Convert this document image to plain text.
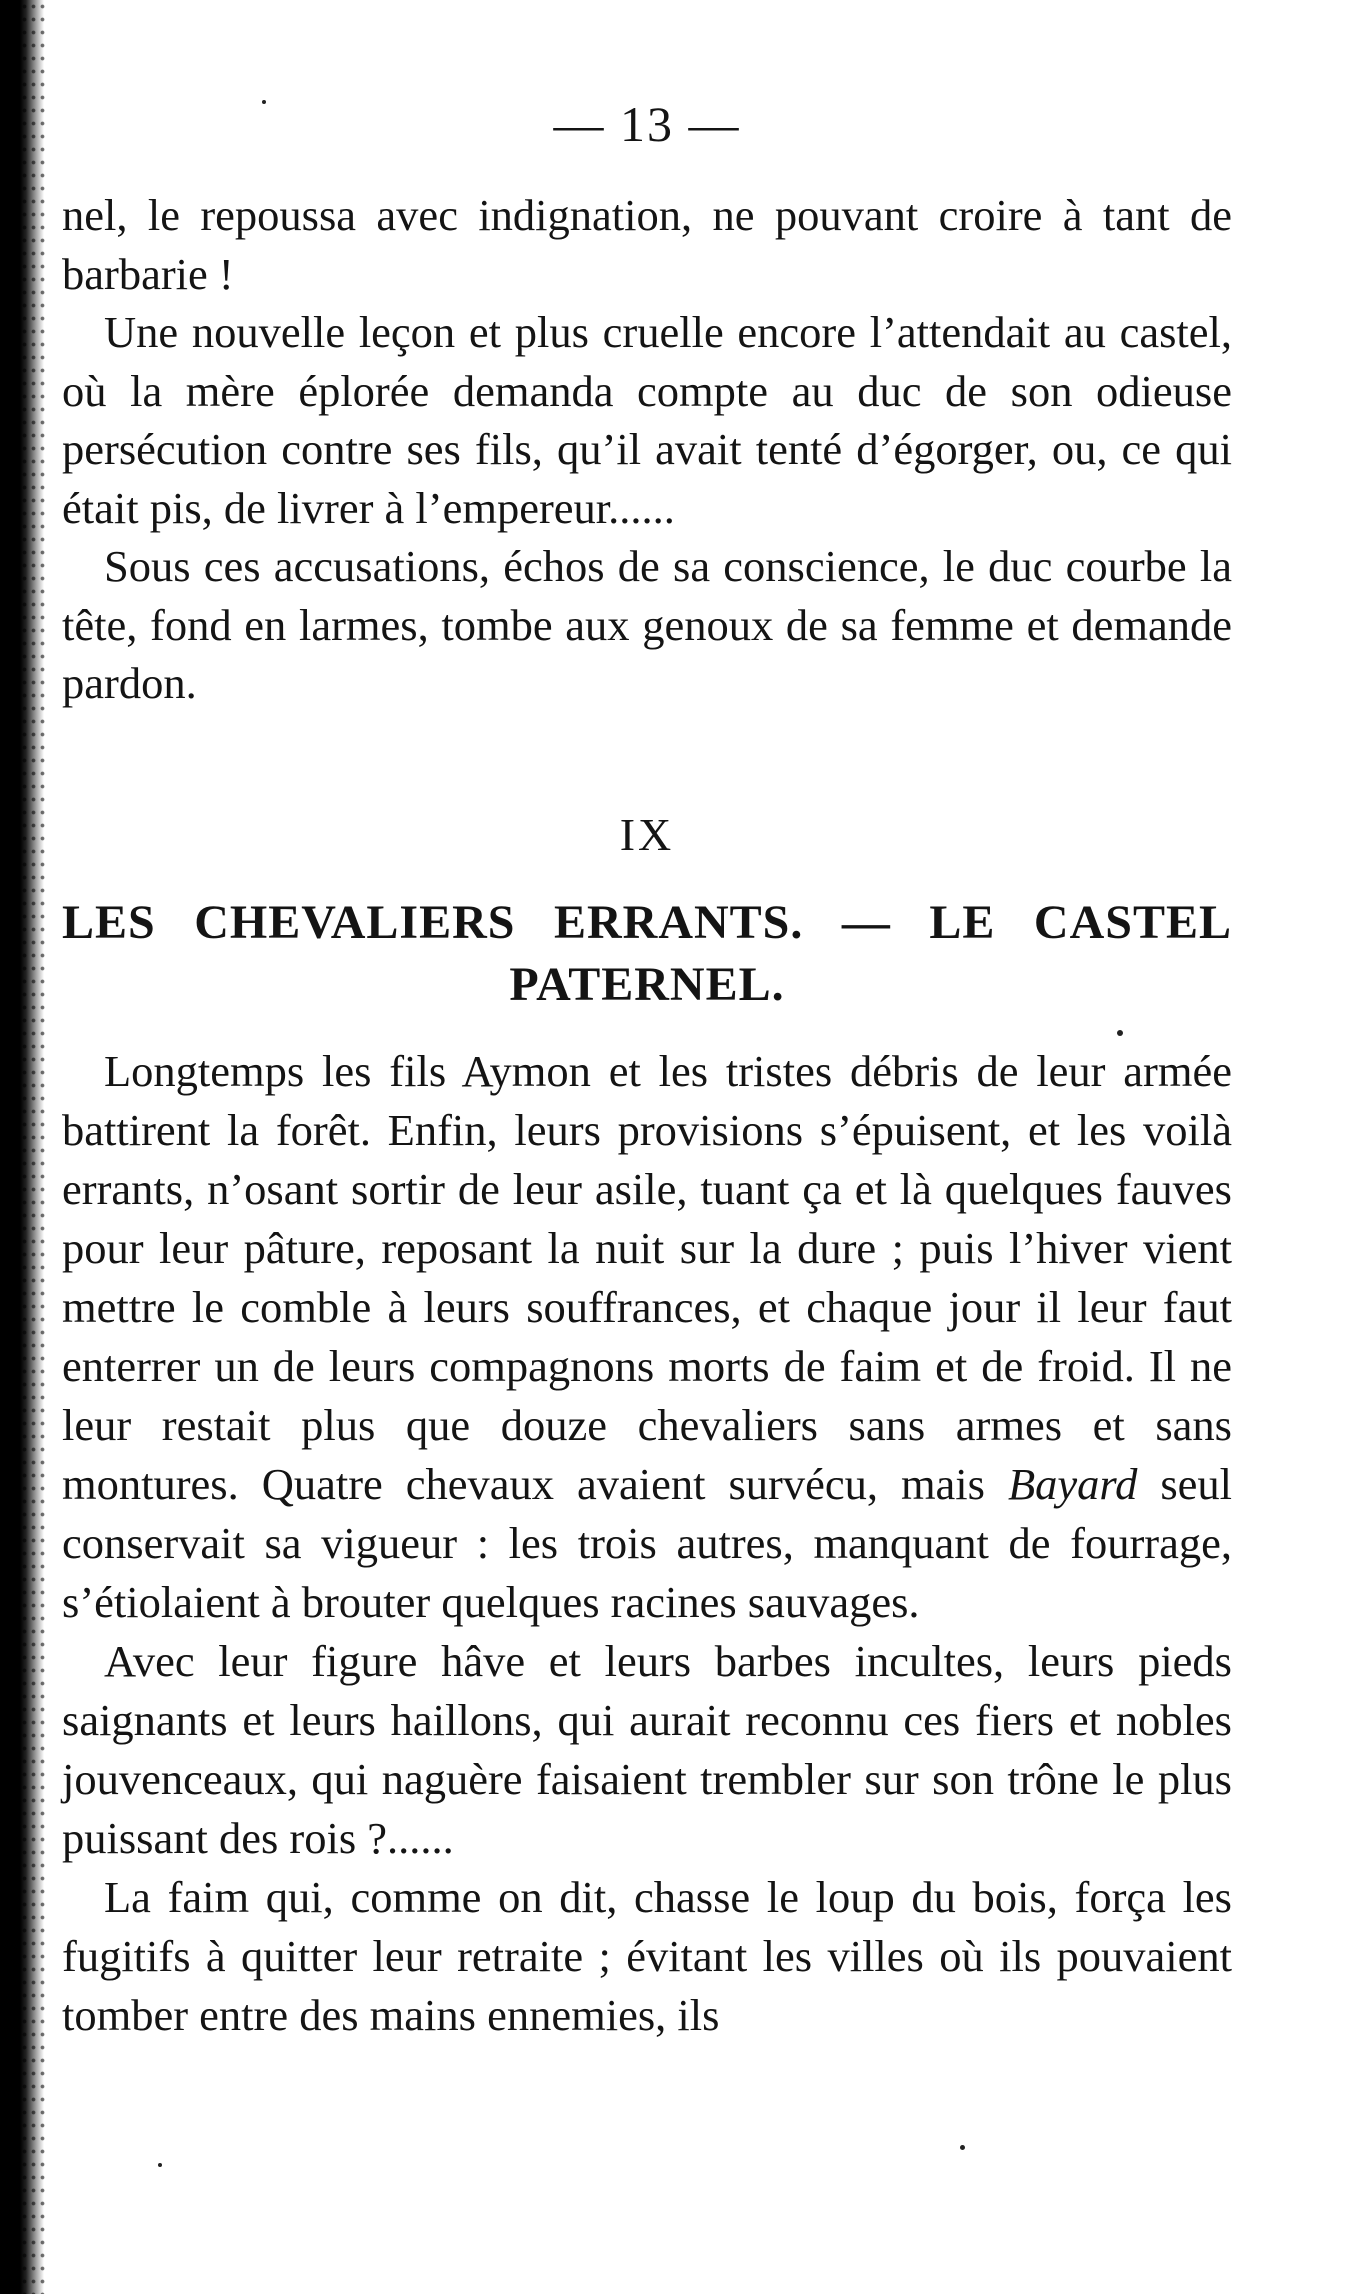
— 13 —

nel, le repoussa avec indignation, ne pouvant croire à tant de barbarie !

Une nouvelle leçon et plus cruelle encore l’attendait au castel, où la mère éplorée demanda compte au duc de son odieuse persécution contre ses fils, qu’il avait tenté d’égorger, ou, ce qui était pis, de livrer à l’empereur......

Sous ces accusations, échos de sa conscience, le duc courbe la tête, fond en larmes, tombe aux genoux de sa femme et demande pardon.

IX
LES CHEVALIERS ERRANTS. — LE CASTEL
PATERNEL.

Longtemps les fils Aymon et les tristes débris de leur armée battirent la forêt. Enfin, leurs provisions s’épuisent, et les voilà errants, n’osant sortir de leur asile, tuant ça et là quelques fauves pour leur pâture, reposant la nuit sur la dure ; puis l’hiver vient mettre le comble à leurs souffrances, et chaque jour il leur faut enterrer un de leurs compagnons morts de faim et de froid. Il ne leur restait plus que douze chevaliers sans armes et sans montures. Quatre chevaux avaient survécu, mais Bayard seul conservait sa vigueur : les trois autres, manquant de fourrage, s’étiolaient à brouter quelques racines sauvages.

Avec leur figure hâve et leurs barbes incultes, leurs pieds saignants et leurs haillons, qui aurait reconnu ces fiers et nobles jouvenceaux, qui naguère faisaient trembler sur son trône le plus puissant des rois ?......

La faim qui, comme on dit, chasse le loup du bois, força les fugitifs à quitter leur retraite ; évitant les villes où ils pouvaient tomber entre des mains ennemies, ils
